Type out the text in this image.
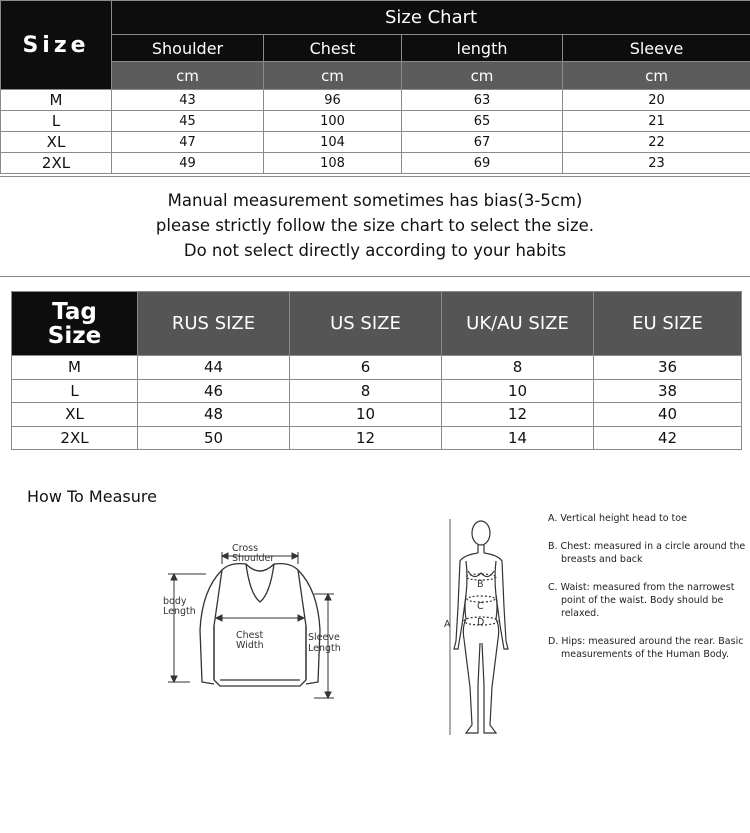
Size	Size Chart			
	Shoulder	Chest	length	Sleeve
	cm	cm	cm	cm
M	43	96	63	20
L	45	100	65	21
XL	47	104	67	22
2XL	49	108	69	23
Manual measurement sometimes has bias(3-5cm)
please strictly follow the size chart to select the size.
Do not select directly according to your habits
Tag
Size	RUS SIZE	US SIZE	UK/AU SIZE	EU SIZE
M	44	6	8	36
L	46	8	10	38
XL	48	10	12	40
2XL	50	12	14	42
How To Measure
Cross
Shoulder
body
Length
Chest
Width
Sleeve
Length
A
B
C
D
A. Vertical height head to toe
B. Chest: measured in a circle around the breasts and back
C. Waist: measured from the narrowest point of the waist. Body should be relaxed.
D. Hips: measured around the rear. Basic measurements of the Human Body.
